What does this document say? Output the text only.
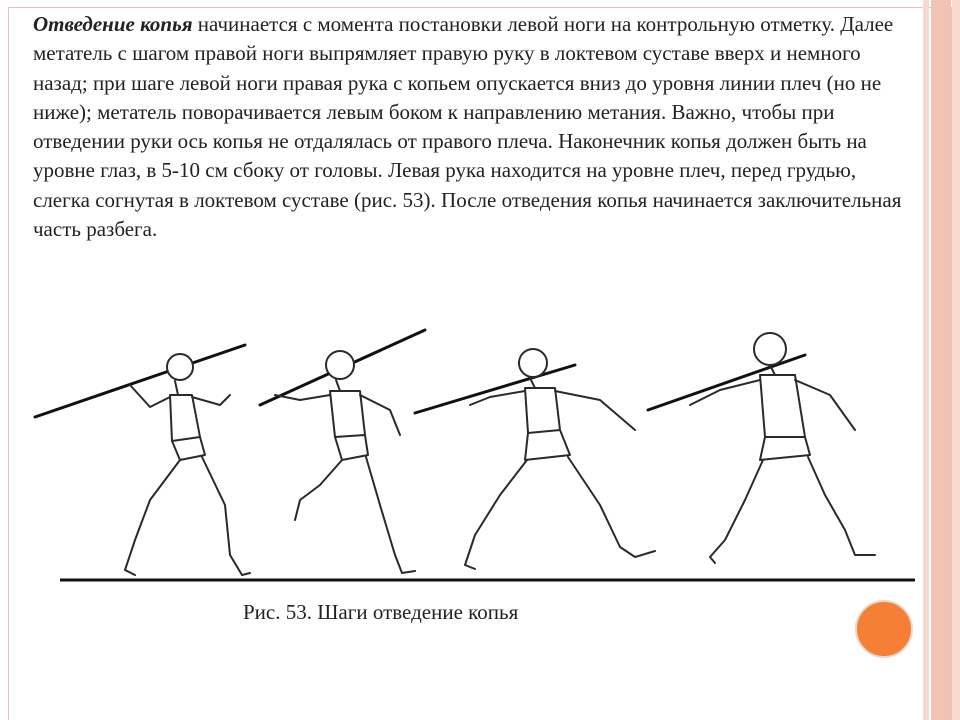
Отведение копья начинается с момента постановки левой ноги на контрольную отметку. Далее метатель с шагом правой ноги выпрямляет правую руку в локтевом суставе вверх и немного назад; при шаге левой ноги правая рука с копьем опускается вниз до уровня линии плеч (но не ниже); метатель поворачивается левым боком к направлению метания. Важно, чтобы при отведении руки ось копья не отдалялась от правого плеча. Наконечник копья должен быть на уровне глаз, в 5-10 см сбоку от головы. Левая рука находится на уровне плеч, перед грудью, слегка согнутая в локтевом суставе (рис. 53). После отведения копья начинается заключительная часть разбега.

Рис. 53. Шаги отведение копья
